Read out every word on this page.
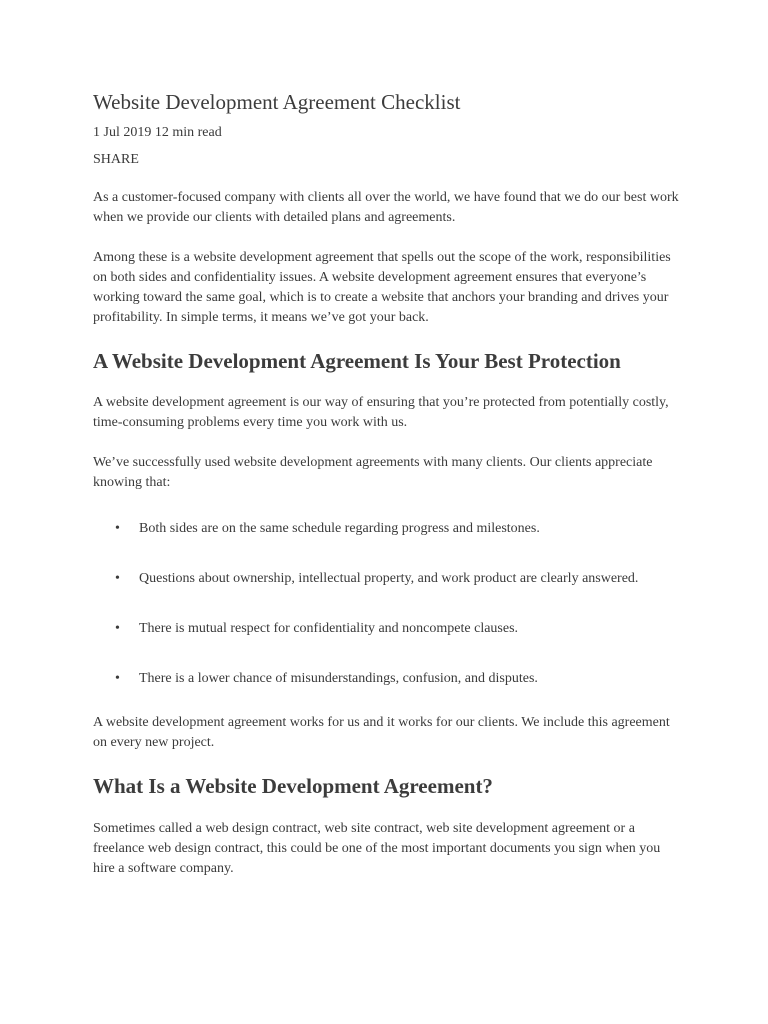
Website Development Agreement Checklist
1 Jul 2019 12 min read
SHARE

As a customer-focused company with clients all over the world, we have found that we do our best work when we provide our clients with detailed plans and agreements.

Among these is a website development agreement that spells out the scope of the work, responsibilities on both sides and confidentiality issues. A website development agreement ensures that everyone’s working toward the same goal, which is to create a website that anchors your branding and drives your profitability. In simple terms, it means we’ve got your back.

A Website Development Agreement Is Your Best Protection

A website development agreement is our way of ensuring that you’re protected from potentially costly, time-consuming problems every time you work with us.

We’ve successfully used website development agreements with many clients. Our clients appreciate knowing that:

• Both sides are on the same schedule regarding progress and milestones.
• Questions about ownership, intellectual property, and work product are clearly answered.
• There is mutual respect for confidentiality and noncompete clauses.
• There is a lower chance of misunderstandings, confusion, and disputes.

A website development agreement works for us and it works for our clients. We include this agreement on every new project.

What Is a Website Development Agreement?

Sometimes called a web design contract, web site contract, web site development agreement or a freelance web design contract, this could be one of the most important documents you sign when you hire a software company.
